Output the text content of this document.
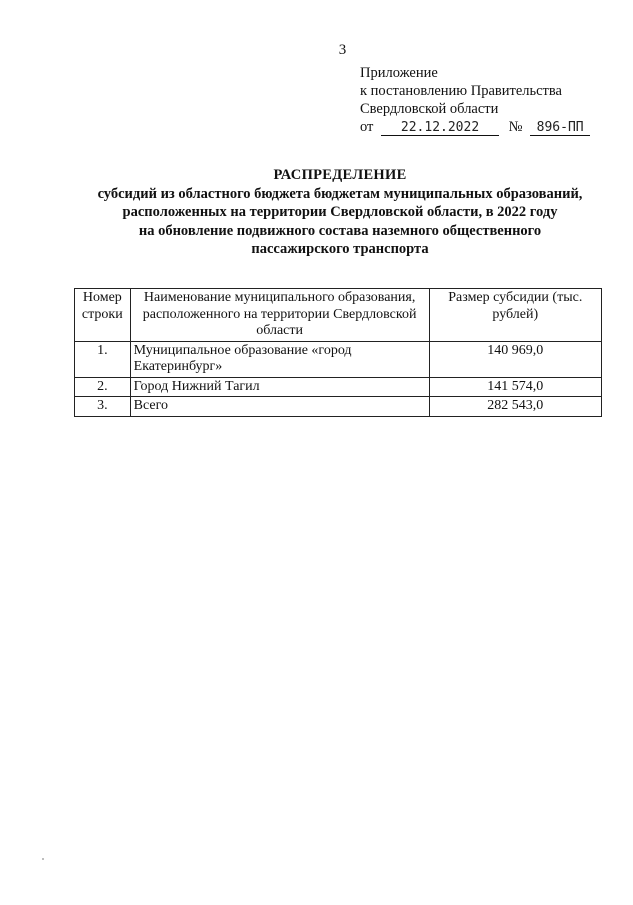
3
Приложение
к постановлению Правительства
Свердловской области
от 22.12.2022 № 896-ПП
РАСПРЕДЕЛЕНИЕ
субсидий из областного бюджета бюджетам муниципальных образований,
расположенных на территории Свердловской области, в 2022 году
на обновление подвижного состава наземного общественного
пассажирского транспорта
Номер строки	Наименование муниципального образования, расположенного на территории Свердловской области	Размер субсидии (тыс. рублей)
1.	Муниципальное образование «город Екатеринбург»	140 969,0
2.	Город Нижний Тагил	141 574,0
3.	Всего	282 543,0
